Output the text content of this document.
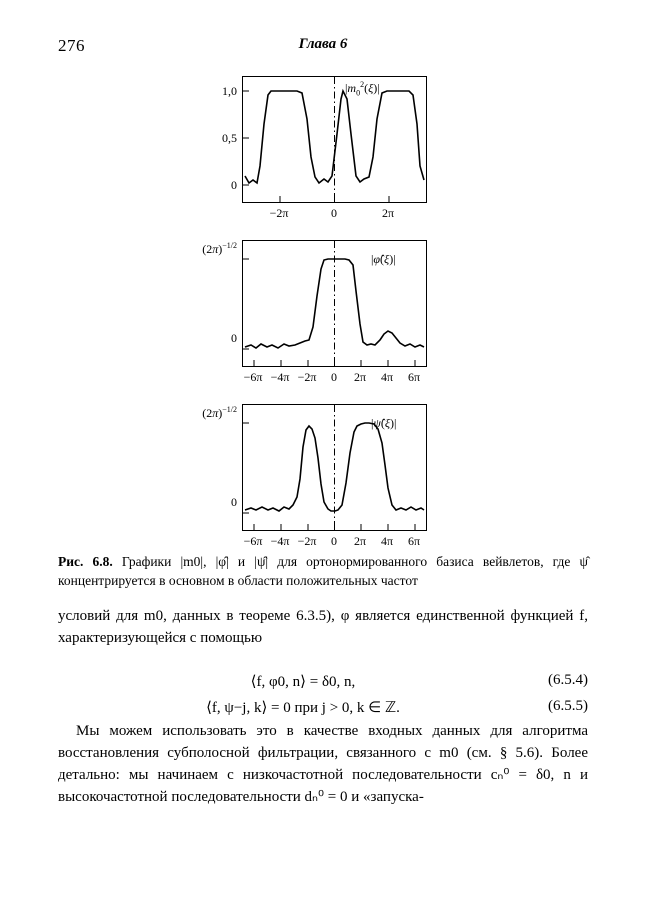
276	Глава 6
1,0
0,5
0
−2π	0	2π
$|m_0^2(\xi)|$
$(2\pi)^{-1/2}$
0
−6π −4π −2π	0	2π	4π	6π
|φ̂(ξ)|
$(2\pi)^{-1/2}$
0
−6π −4π −2π	0	2π	4π	6π
|ψ̂(ξ)|
Рис. 6.8. Графики |m0|, |φ̂| и |ψ̂| для ортонормированного базиса вейвлетов, где ψ̂ концентрируется в основном в области положительных частот
условий для m0, данных в теореме 6.3.5), φ является единственной функцией f, характеризующейся с помощью
⟨f, φ0, n⟩ = δ0, n,	(6.5.4)
⟨f, ψ−j, k⟩ = 0 при j > 0, k ∈ ℤ.	(6.5.5)
Мы можем использовать это в качестве входных данных для алгоритма восстановления субполосной фильтрации, связанного с m0 (см. § 5.6). Более детально: мы начинаем с низкочастотной последовательности cₙ⁰ = δ0, n и высокочастотной последовательности dₙ⁰ = 0 и «запуска-
